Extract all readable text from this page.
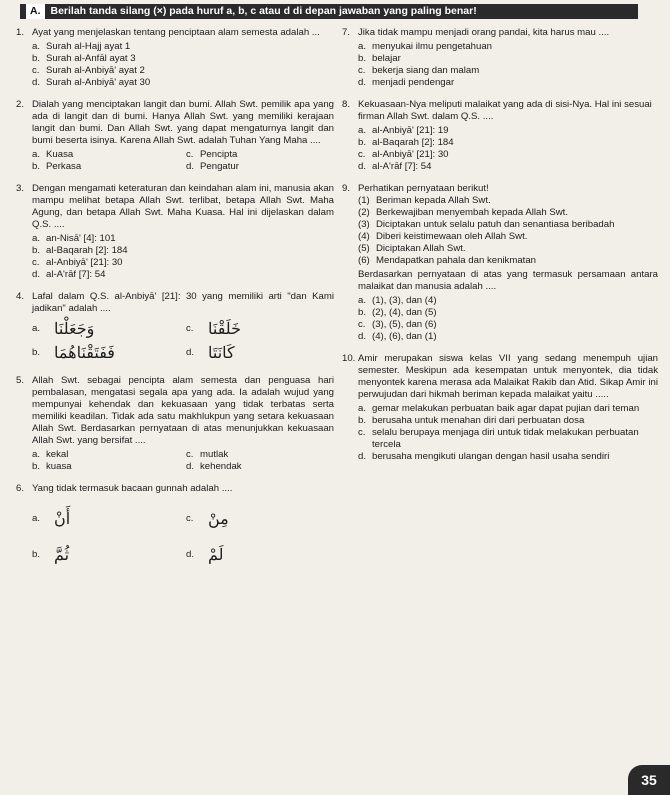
A. Berilah tanda silang (×) pada huruf a, b, c atau d di depan jawaban yang paling benar!
1. Ayat yang menjelaskan tentang penciptaan alam semesta adalah ...

a. Surah al-Hajj ayat 1
b. Surah al-Anfāl ayat 3
c. Surah al-Anbiyā' ayat 2
d. Surah al-Anbiyā' ayat 30
2. Dialah yang menciptakan langit dan bumi. Allah Swt. pemilik apa yang ada di langit dan di bumi. Hanya Allah Swt. yang memiliki kerajaan langit dan bumi. Dan Allah Swt. yang dapat mengaturnya langit dan bumi beserta isinya. Karena Allah Swt. adalah Tuhan Yang Maha ....

a. Kuasa	c. Pencipta
b. Perkasa	d. Pengatur
3. Dengan mengamati keteraturan dan keindahan alam ini, manusia akan mampu melihat betapa Allah Swt. terlibat, betapa Allah Swt. Maha Agung, dan betapa Allah Swt. Maha Kuasa. Hal ini dijelaskan dalam Q.S. ....

a. an-Nisā' [4]: 101
b. al-Baqarah [2]: 184
c. al-Anbiyā' [21]: 30
d. al-A'rāf [7]: 54
4. Lafal dalam Q.S. al-Anbiyā' [21]: 30 yang memiliki arti "dan Kami jadikan" adalah ....

a. وَجَعَلْنَا	c. خَلَقْنَا
b. فَفَتَقْنَاهُمَا	d. كَانَتَا
5. Allah Swt. sebagai pencipta alam semesta dan penguasa hari pembalasan, mengatasi segala apa yang ada. Ia adalah wujud yang mempunyai kehendak dan kekuasaan yang tidak terbatas serta memiliki keadilan. Tidak ada satu makhlukpun yang setara kekuasaan Allah Swt. Berdasarkan pernyataan di atas menunjukkan kekuasaan Allah Swt. yang bersifat ....

a. kekal	c. mutlak
b. kuasa	d. kehendak
6. Yang tidak termasuk bacaan gunnah adalah ....

a. أَنْ	c. مِنْ
b. ثُمَّ	d. لَمْ
7. Jika tidak mampu menjadi orang pandai, kita harus mau ....

a. menyukai ilmu pengetahuan
b. belajar
c. bekerja siang dan malam
d. menjadi pendengar
8. Kekuasaan-Nya meliputi malaikat yang ada di sisi-Nya. Hal ini sesuai firman Allah Swt. dalam Q.S. ....

a. al-Anbiyā' [21]: 19
b. al-Baqarah [2]: 184
c. al-Anbiyā' [21]: 30
d. al-A'rāf [7]: 54
9. Perhatikan pernyataan berikut!

(1) Beriman kepada Allah Swt.
(2) Berkewajiban menyembah kepada Allah Swt.
(3) Diciptakan untuk selalu patuh dan senantiasa beribadah
(4) Diberi keistimewaan oleh Allah Swt.
(5) Diciptakan Allah Swt.
(6) Mendapatkan pahala dan kenikmatan

Berdasarkan pernyataan di atas yang termasuk persamaan antara malaikat dan manusia adalah ....

a. (1), (3), dan (4)
b. (2), (4), dan (5)
c. (3), (5), dan (6)
d. (4), (6), dan (1)
10. Amir merupakan siswa kelas VII yang sedang menempuh ujian semester. Meskipun ada kesempatan untuk menyontek, dia tidak menyontek karena merasa ada Malaikat Rakib dan Atid. Sikap Amir ini perwujudan dari hikmah beriman kepada malaikat yaitu .....

a. gemar melakukan perbuatan baik agar dapat pujian dari teman
b. berusaha untuk menahan diri dari perbuatan dosa
c. selalu berupaya menjaga diri untuk tidak melakukan perbuatan tercela
d. berusaha mengikuti ulangan dengan hasil usaha sendiri
35
